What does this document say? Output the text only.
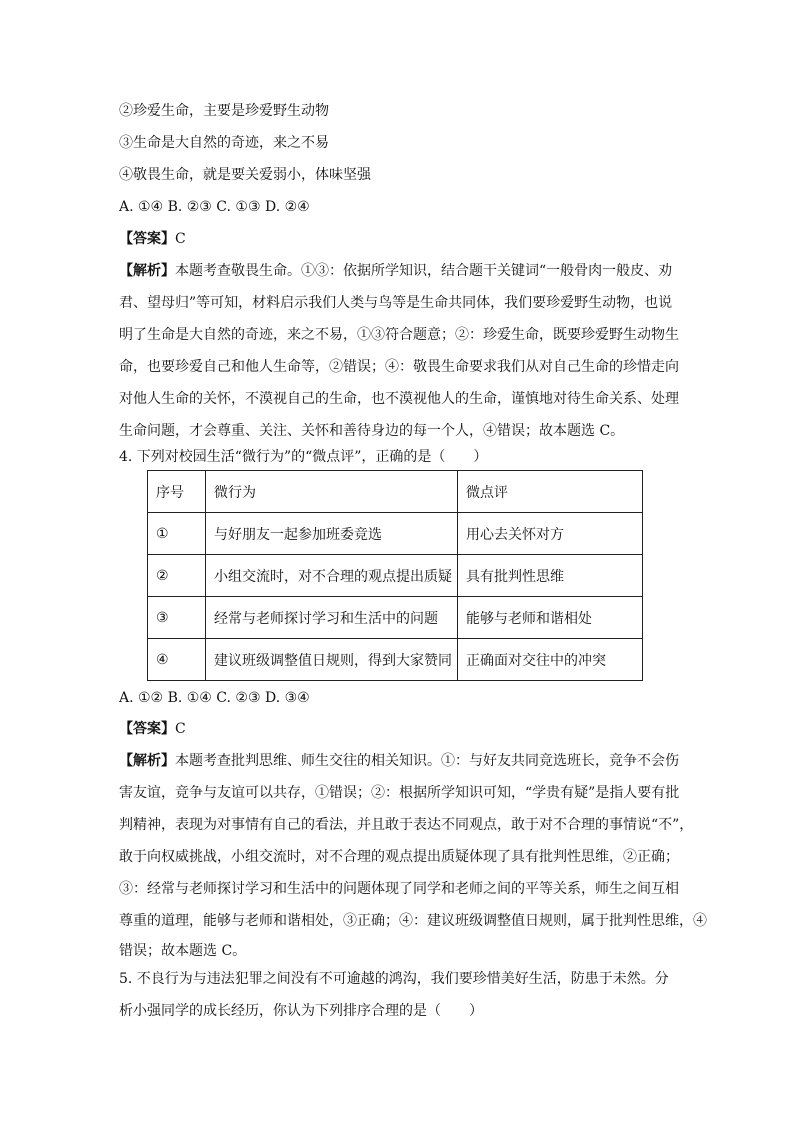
②珍爱生命，主要是珍爱野生动物
③生命是大自然的奇迹，来之不易
④敬畏生命，就是要关爱弱小，体味坚强
A. ①④ B. ②③ C. ①③ D. ②④
【答案】C
【解析】本题考查敬畏生命。①③：依据所学知识，结合题干关键词“一般骨肉一般皮、劝
君、望母归”等可知，材料启示我们人类与鸟等是生命共同体，我们要珍爱野生动物，也说
明了生命是大自然的奇迹，来之不易，①③符合题意；②：珍爱生命，既要珍爱野生动物生
命，也要珍爱自己和他人生命等，②错误；④：敬畏生命要求我们从对自己生命的珍惜走向
对他人生命的关怀，不漠视自己的生命，也不漠视他人的生命，谨慎地对待生命关系、处理
生命问题，才会尊重、关注、关怀和善待身边的每一个人，④错误；故本题选 C。
4. 下列对校园生活“微行为”的“微点评”，正确的是（　　）
序号	微行为	微点评
①	与好朋友一起参加班委竞选	用心去关怀对方
②	小组交流时，对不合理的观点提出质疑	具有批判性思维
③	经常与老师探讨学习和生活中的问题	能够与老师和谐相处
④	建议班级调整值日规则，得到大家赞同	正确面对交往中的冲突
A. ①② B. ①④ C. ②③ D. ③④
【答案】C
【解析】本题考查批判思维、师生交往的相关知识。①：与好友共同竞选班长，竞争不会伤
害友谊，竞争与友谊可以共存，①错误；②：根据所学知识可知，“学贵有疑”是指人要有批
判精神，表现为对事情有自己的看法，并且敢于表达不同观点，敢于对不合理的事情说“不”，
敢于向权威挑战，小组交流时，对不合理的观点提出质疑体现了具有批判性思维，②正确；
③：经常与老师探讨学习和生活中的问题体现了同学和老师之间的平等关系，师生之间互相
尊重的道理，能够与老师和谐相处，③正确；④：建议班级调整值日规则，属于批判性思维，④
错误；故本题选 C。
5. 不良行为与违法犯罪之间没有不可逾越的鸿沟，我们要珍惜美好生活，防患于未然。分
析小强同学的成长经历，你认为下列排序合理的是（　　）
